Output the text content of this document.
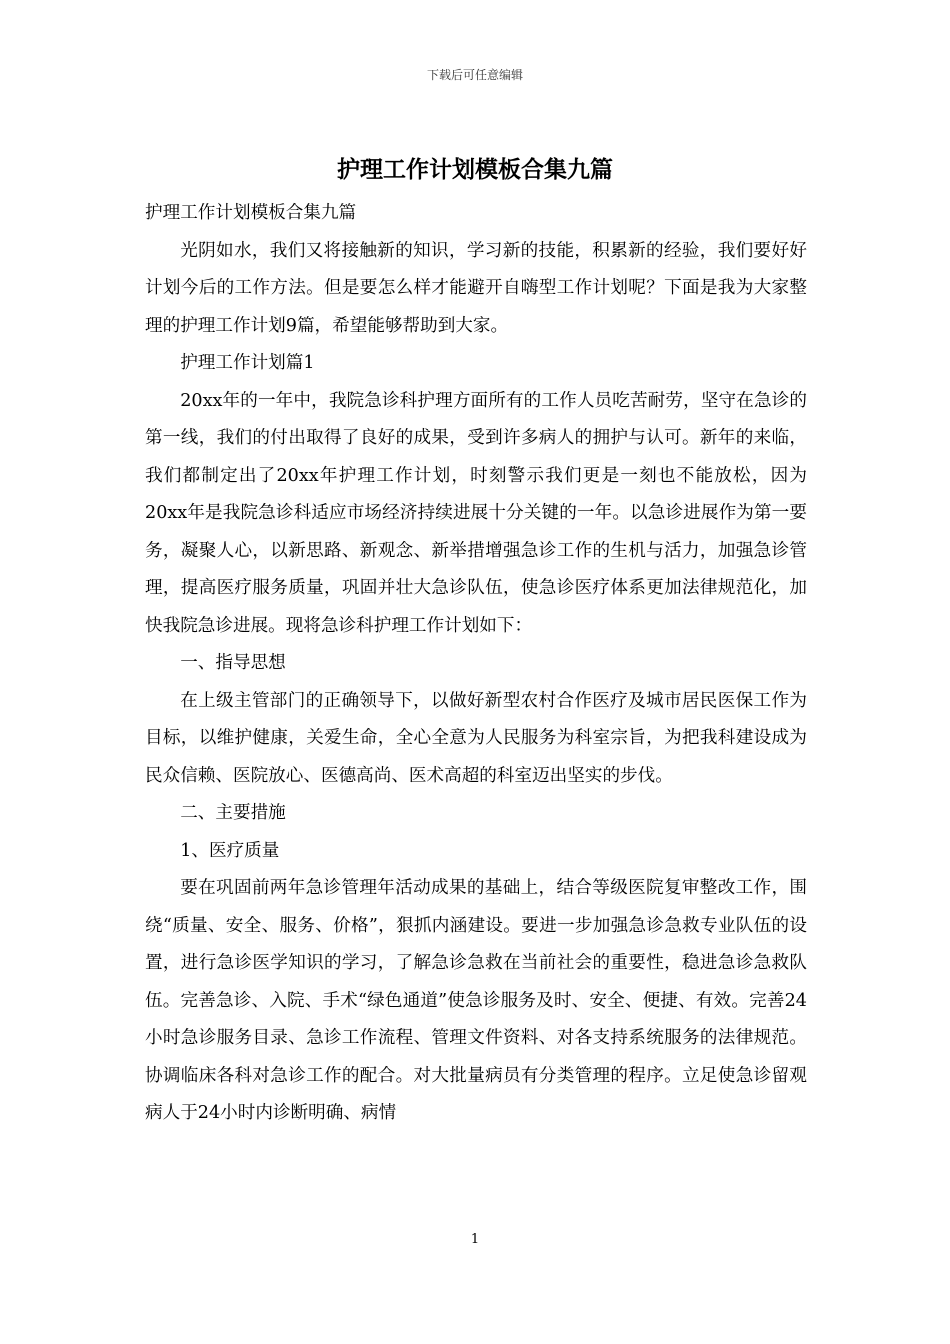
下载后可任意编辑
护理工作计划模板合集九篇

护理工作计划模板合集九篇

光阴如水，我们又将接触新的知识，学习新的技能，积累新的经验，我们要好好计划今后的工作方法。但是要怎么样才能避开自嗨型工作计划呢？下面是我为大家整理的护理工作计划9篇，希望能够帮助到大家。

护理工作计划篇1

20xx年的一年中，我院急诊科护理方面所有的工作人员吃苦耐劳，坚守在急诊的第一线，我们的付出取得了良好的成果，受到许多病人的拥护与认可。新年的来临，我们都制定出了20xx年护理工作计划，时刻警示我们更是一刻也不能放松，因为20xx年是我院急诊科适应市场经济持续进展十分关键的一年。以急诊进展作为第一要务，凝聚人心，以新思路、新观念、新举措增强急诊工作的生机与活力，加强急诊管理，提高医疗服务质量，巩固并壮大急诊队伍，使急诊医疗体系更加法律规范化，加快我院急诊进展。现将急诊科护理工作计划如下：

一、指导思想

在上级主管部门的正确领导下，以做好新型农村合作医疗及城市居民医保工作为目标，以维护健康，关爱生命，全心全意为人民服务为科室宗旨，为把我科建设成为民众信赖、医院放心、医德高尚、医术高超的科室迈出坚实的步伐。

二、主要措施

1、医疗质量

要在巩固前两年急诊管理年活动成果的基础上，结合等级医院复审整改工作，围绕“质量、安全、服务、价格”，狠抓内涵建设。要进一步加强急诊急救专业队伍的设置，进行急诊医学知识的学习，了解急诊急救在当前社会的重要性，稳进急诊急救队伍。完善急诊、入院、手术“绿色通道”使急诊服务及时、安全、便捷、有效。完善24小时急诊服务目录、急诊工作流程、管理文件资料、对各支持系统服务的法律规范。协调临床各科对急诊工作的配合。对大批量病员有分类管理的程序。立足使急诊留观病人于24小时内诊断明确、病情

1
